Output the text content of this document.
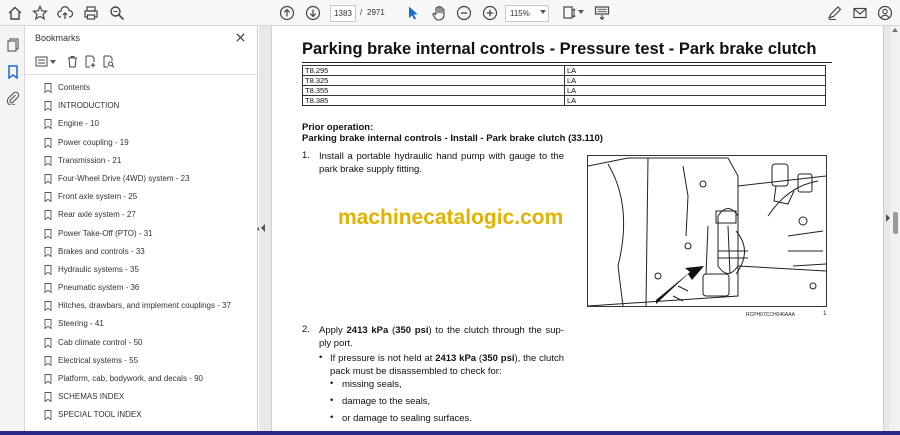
1383 / 2971	115%
Bookmarks
Contents
INTRODUCTION
Engine - 10
Power coupling - 19
Transmission - 21
Four-Wheel Drive (4WD) system - 23
Front axle system - 25
Rear axle system - 27
Power Take-Off (PTO) - 31
Brakes and controls - 33
Hydraulic systems - 35
Pneumatic system - 36
Hitches, drawbars, and implement couplings - 37
Steering - 41
Cab climate control - 50
Electrical systems - 55
Platform, cab, bodywork, and decals - 90
SCHEMAS INDEX
SPECIAL TOOL INDEX
Parking brake internal controls - Pressure test - Park brake clutch
T8.295	LA
T8.325	LA
T8.355	LA
T8.385	LA
Prior operation:
Parking brake internal controls - Install - Park brake clutch (33.110)
1. Install a portable hydraulic hand pump with gauge to the park brake supply fitting.
RCPH07CCH046AAA	1
machinecatalogic.com
2. Apply 2413 kPa (350 psi) to the clutch through the sup-ply port.
• If pressure is not held at 2413 kPa (350 psi), the clutch pack must be disassembled to check for:
• missing seals,
• damage to the seals,
• or damage to sealing surfaces.
